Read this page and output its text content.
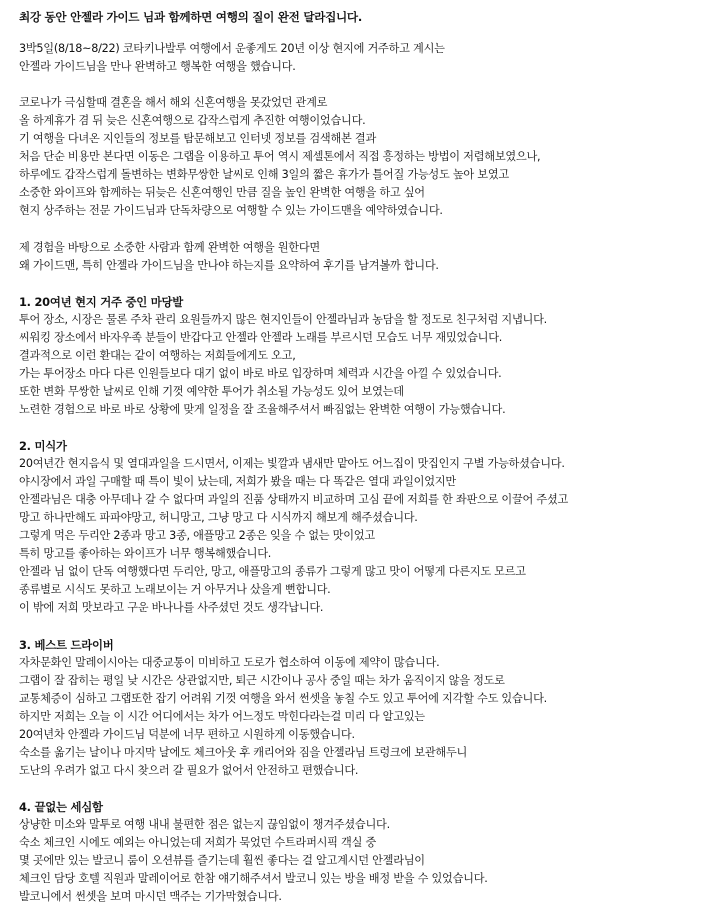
최강 동안 안젤라 가이드 님과 함께하면 여행의 질이 완전 달라집니다.
3박5일(8/18~8/22) 코타키나발루 여행에서 운좋게도 20년 이상 현지에 거주하고 계시는
안젤라 가이드님을 만나 완벽하고 행복한 여행을 했습니다.
코로나가 극심할때 결혼을 해서 해외 신혼여행을 못갔었던 관계로
올 하계휴가 겸 뒤 늦은 신혼여행으로 갑작스럽게 추진한 여행이었습니다.
기 여행을 다녀온 지인들의 정보를 탐문해보고 인터넷 정보를 검색해본 결과
처음 단순 비용만 본다면 이동은 그랩을 이용하고 투어 역시 제셀톤에서 직접 흥정하는 방법이 저렴해보였으나,
하루에도 갑작스럽게 돌변하는 변화무쌍한 날씨로 인해 3일의 짧은 휴가가 틀어질 가능성도 높아 보였고
소중한 와이프와 함께하는 뒤늦은 신혼여행인 만큼 질을 높인 완벽한 여행을 하고 싶어
현지 상주하는 전문 가이드님과 단독차량으로 여행할 수 있는 가이드맨을 예약하였습니다.
제 경험을 바탕으로 소중한 사람과 함께 완벽한 여행을 원한다면
왜 가이드맨, 특히 안젤라 가이드님을 만나야 하는지를 요약하여 후기를 남겨볼까 합니다.
1. 20여년 현지 거주 중인 마당발
투어 장소, 시장은 물론 주차 관리 요원들까지 많은 현지인들이 안젤라님과 농담을 할 정도로 친구처럼 지냅니다.
씨워킹 장소에서 바자우족 분들이 반갑다고 안젤라 안젤라 노래를 부르시던 모습도 너무 재밌었습니다.
결과적으로 이런 환대는 같이 여행하는 저희들에게도 오고,
가는 투어장소 마다 다른 인원들보다 대기 없이 바로 바로 입장하며 체력과 시간을 아낄 수 있었습니다.
또한 변화 무쌍한 날씨로 인해 기껏 예약한 투어가 취소될 가능성도 있어 보였는데
노련한 경험으로 바로 바로 상황에 맞게 일정을 잘 조율해주셔서 빠짐없는 완벽한 여행이 가능했습니다.
2. 미식가
20여년간 현지음식 및 열대과일을 드시면서, 이제는 빛깔과 냄새만 맡아도 어느집이 맛집인지 구별 가능하셨습니다.
야시장에서 과일 구매할 때 특이 빛이 났는데, 저희가 봤을 때는 다 똑같은 열대 과일이었지만
안젤라님은 대충 아무데나 갈 수 없다며 과일의 진품 상태까지 비교하며 고심 끝에 저희를 한 좌판으로 이끌어 주셨고
망고 하나만해도 파파야망고, 허니망고, 그냥 망고 다 시식까지 해보게 해주셨습니다.
그렇게 먹은 두리안 2종과 망고 3종, 애플망고 2종은 잊을 수 없는 맛이었고
특히 망고를 좋아하는 와이프가 너무 행복해했습니다.
안젤라 님 없이 단독 여행했다면 두리안, 망고, 애플망고의 종류가 그렇게 많고 맛이 어떻게 다른지도 모르고
종류별로 시식도 못하고 노래보이는 거 아무거나 샀을게 뻔합니다.
이 밖에 저희 맛보라고 구운 바나나를 사주셨던 것도 생각납니다.
3. 베스트 드라이버
자차문화인 말레이시아는 대중교통이 미비하고 도로가 협소하여 이동에 제약이 많습니다.
그랩이 잘 잡히는 평일 낮 시간은 상관없지만, 퇴근 시간이나 공사 중일 때는 차가 움직이지 않을 정도로
교통체증이 심하고 그랩또한 잡기 어려워 기껏 여행을 와서 썬셋을 놓칠 수도 있고 투어에 지각할 수도 있습니다.
하지만 저희는 오늘 이 시간 어디에서는 차가 어느정도 막힌다라는걸 미리 다 알고있는
20여년차 안젤라 가이드님 덕분에 너무 편하고 시원하게 이동했습니다.
숙소를 옮기는 날이나 마지막 날에도 체크아웃 후 캐리어와 짐을 안젤라님 트렁크에 보관해두니
도난의 우려가 없고 다시 찾으러 갈 필요가 없어서 안전하고 편했습니다.
4. 끝없는 세심함
상냥한 미소와 말투로 여행 내내 불편한 점은 없는지 끊임없이 챙겨주셨습니다.
숙소 체크인 시에도 예외는 아니었는데 저희가 묵었던 수트라퍼시픽 객실 중
몇 곳에만 있는 발코니 룸이 오션뷰를 즐기는데 훨씬 좋다는 걸 알고계시던 안젤라님이
체크인 담당 호텔 직원과 말레이어로 한참 얘기해주셔서 발코니 있는 방을 배정 받을 수 있었습니다.
발코니에서 썬셋을 보며 마시던 맥주는 기가막혔습니다.
